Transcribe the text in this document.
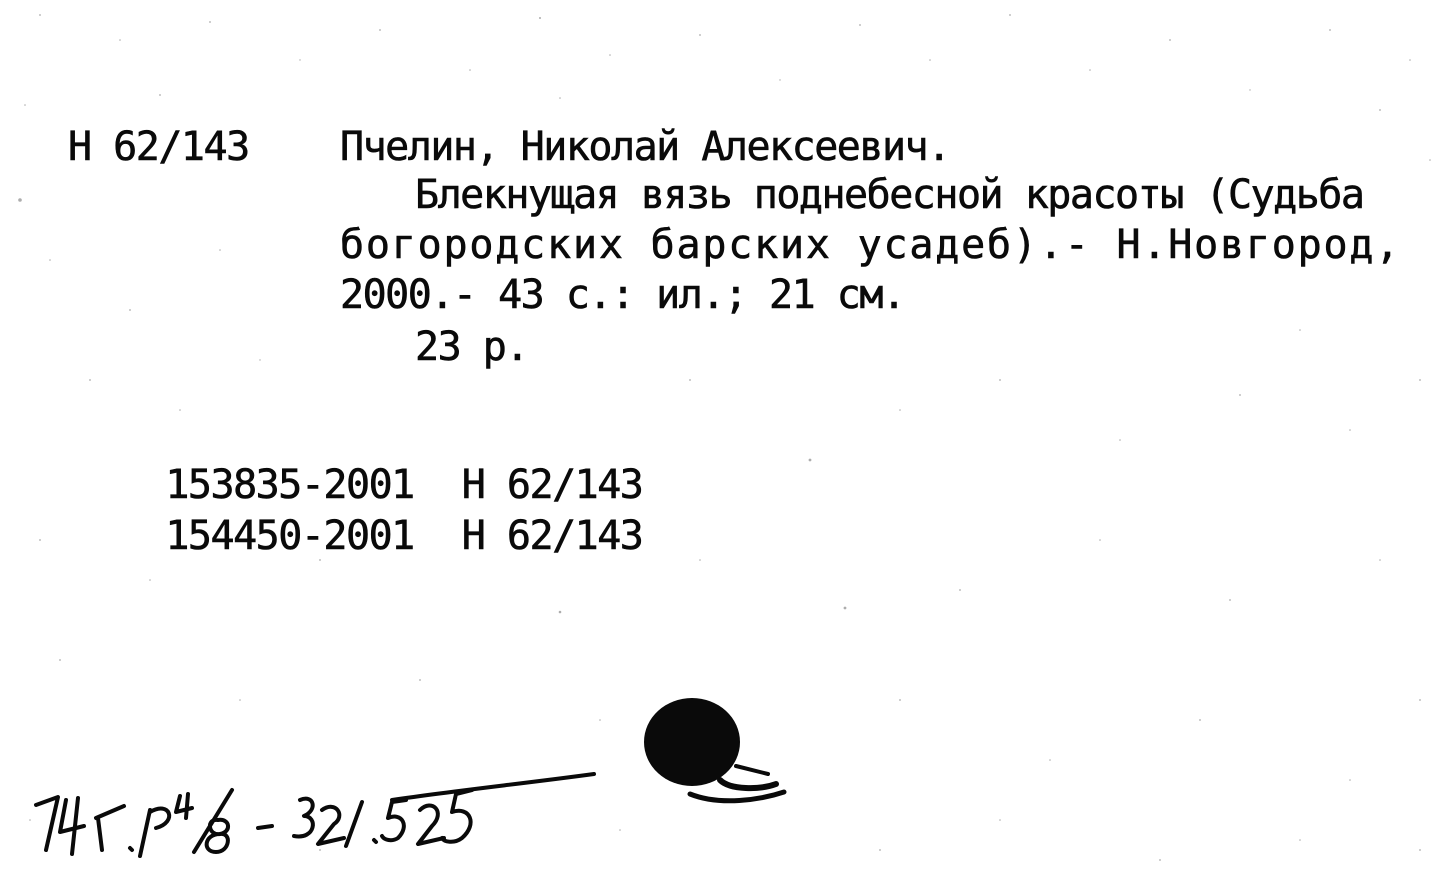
Н 62/143 Пчелин, Николай Алексеевич.
Блекнущая вязь поднебесной красоты (Судьба
богородских барских усадеб).- Н.Новгород,
2000.- 43 с.: ил.; 21 см.
23 р.

153835-2001 Н 62/143

154450-2001 Н 62/143
